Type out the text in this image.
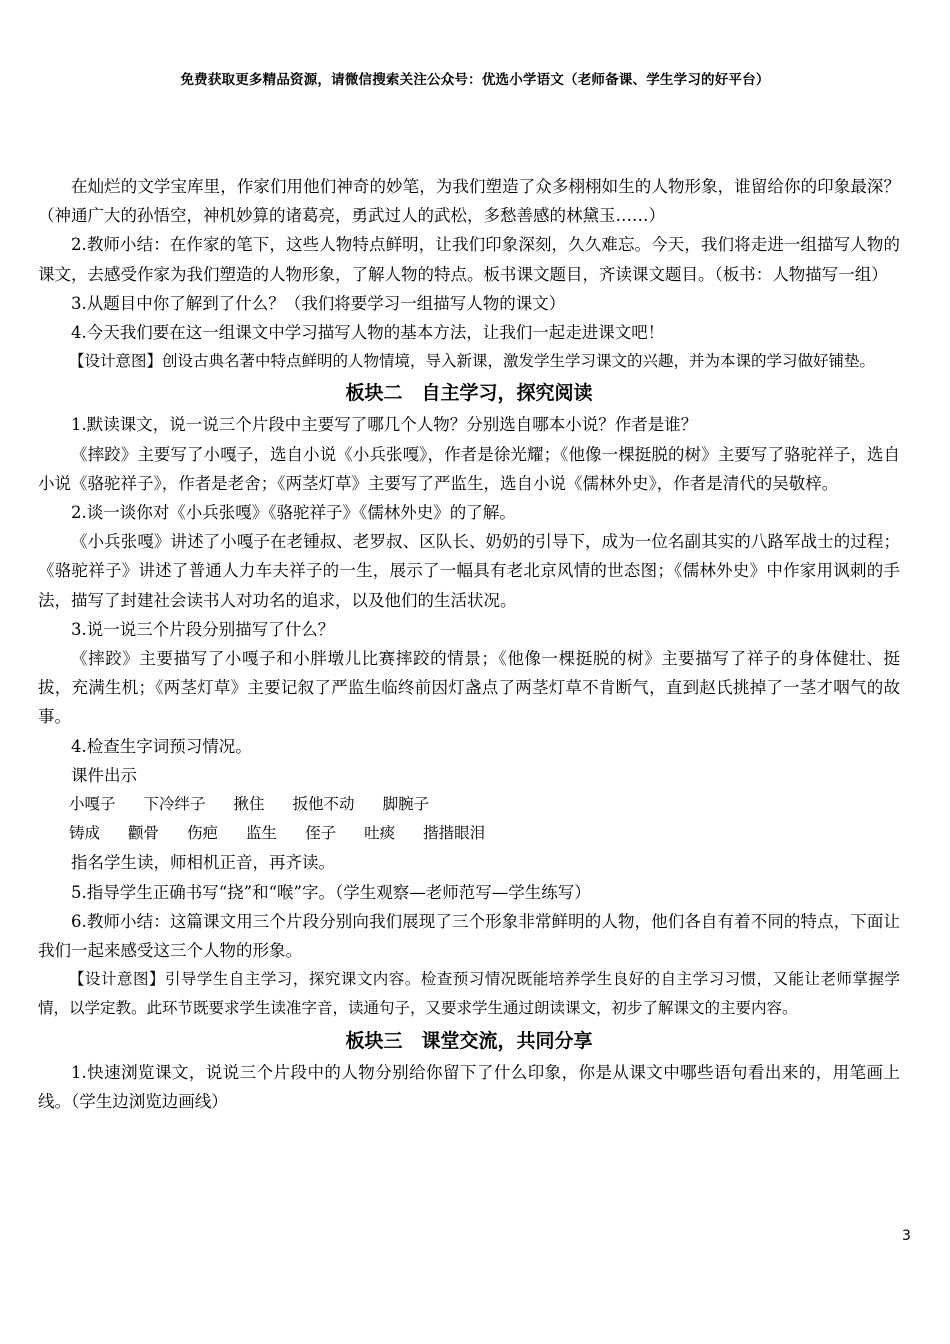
免费获取更多精品资源，请微信搜索关注公众号：优选小学语文（老师备课、学生学习的好平台）

在灿烂的文学宝库里，作家们用他们神奇的妙笔，为我们塑造了众多栩栩如生的人物形象，谁留给你的印象最深？（神通广大的孙悟空，神机妙算的诸葛亮，勇武过人的武松，多愁善感的林黛玉……）

2.教师小结：在作家的笔下，这些人物特点鲜明，让我们印象深刻，久久难忘。今天，我们将走进一组描写人物的课文，去感受作家为我们塑造的人物形象，了解人物的特点。板书课文题目，齐读课文题目。（板书：人物描写一组）

3.从题目中你了解到了什么？（我们将要学习一组描写人物的课文）

4.今天我们要在这一组课文中学习描写人物的基本方法，让我们一起走进课文吧！

【设计意图】创设古典名著中特点鲜明的人物情境，导入新课，激发学生学习课文的兴趣，并为本课的学习做好铺垫。

板块二　自主学习，探究阅读

1.默读课文，说一说三个片段中主要写了哪几个人物？分别选自哪本小说？作者是谁？

《摔跤》主要写了小嘎子，选自小说《小兵张嘎》，作者是徐光耀；《他像一棵挺脱的树》主要写了骆驼祥子，选自小说《骆驼祥子》，作者是老舍；《两茎灯草》主要写了严监生，选自小说《儒林外史》，作者是清代的吴敬梓。

2.谈一谈你对《小兵张嘎》《骆驼祥子》《儒林外史》的了解。

《小兵张嘎》讲述了小嘎子在老锺叔、老罗叔、区队长、奶奶的引导下，成为一位名副其实的八路军战士的过程；《骆驼祥子》讲述了普通人力车夫祥子的一生，展示了一幅具有老北京风情的世态图；《儒林外史》中作家用讽刺的手法，描写了封建社会读书人对功名的追求，以及他们的生活状况。

3.说一说三个片段分别描写了什么？

《摔跤》主要描写了小嘎子和小胖墩儿比赛摔跤的情景；《他像一棵挺脱的树》主要描写了祥子的身体健壮、挺拔，充满生机；《两茎灯草》主要记叙了严监生临终前因灯盏点了两茎灯草不肯断气，直到赵氏挑掉了一茎才咽气的故事。

4.检查生字词预习情况。

课件出示

小嘎子 下冷绊子 揪住 扳他不动 脚腕子
铸成 颧骨 伤疤 监生 侄子 吐痰 揩揩眼泪

指名学生读，师相机正音，再齐读。

5.指导学生正确书写“挠”和“喉”字。（学生观察—老师范写—学生练写）

6.教师小结：这篇课文用三个片段分别向我们展现了三个形象非常鲜明的人物，他们各自有着不同的特点，下面让我们一起来感受这三个人物的形象。

【设计意图】引导学生自主学习，探究课文内容。检查预习情况既能培养学生良好的自主学习习惯，又能让老师掌握学情，以学定教。此环节既要求学生读准字音，读通句子，又要求学生通过朗读课文，初步了解课文的主要内容。

板块三　课堂交流，共同分享

1.快速浏览课文，说说三个片段中的人物分别给你留下了什么印象，你是从课文中哪些语句看出来的，用笔画上线。（学生边浏览边画线）

3
